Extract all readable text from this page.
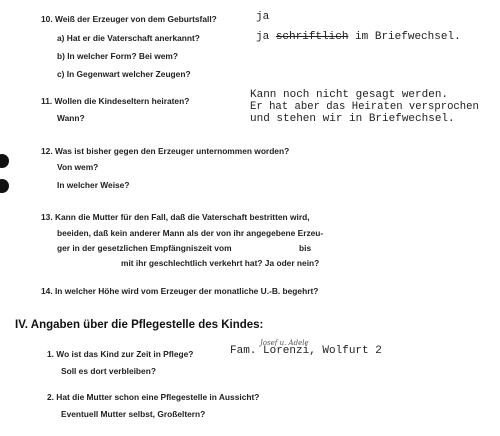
10. Weiß der Erzeuger von dem Geburtsfall?	ja
a) Hat er die Vaterschaft anerkannt?	ja schriftlich im Briefwechsel.
b) In welcher Form? Bei wem?
c) In Gegenwart welcher Zeugen?
11. Wollen die Kindeseltern heiraten?
Wann?
Kann noch nicht gesagt werden.
Er hat aber das Heiraten versprochen
und stehen wir in Briefwechsel.
12. Was ist bisher gegen den Erzeuger unternommen worden?
Von wem?
In welcher Weise?
13. Kann die Mutter für den Fall, daß die Vaterschaft bestritten wird,
beeiden, daß kein anderer Mann als der von ihr angegebene Erzeu-
ger in der gesetzlichen Empfängniszeit vom	bis
mit ihr geschlechtlich verkehrt hat? Ja oder nein?
14. In welcher Höhe wird vom Erzeuger der monatliche U.-B. begehrt?
IV. Angaben über die Pflegestelle des Kindes:
Josef u. Adele
1. Wo ist das Kind zur Zeit in Pflege?	Fam. Lorenzi, Wolfurt 2
Soll es dort verbleiben?
2. Hat die Mutter schon eine Pflegestelle in Aussicht?
Eventuell Mutter selbst, Großeltern?
